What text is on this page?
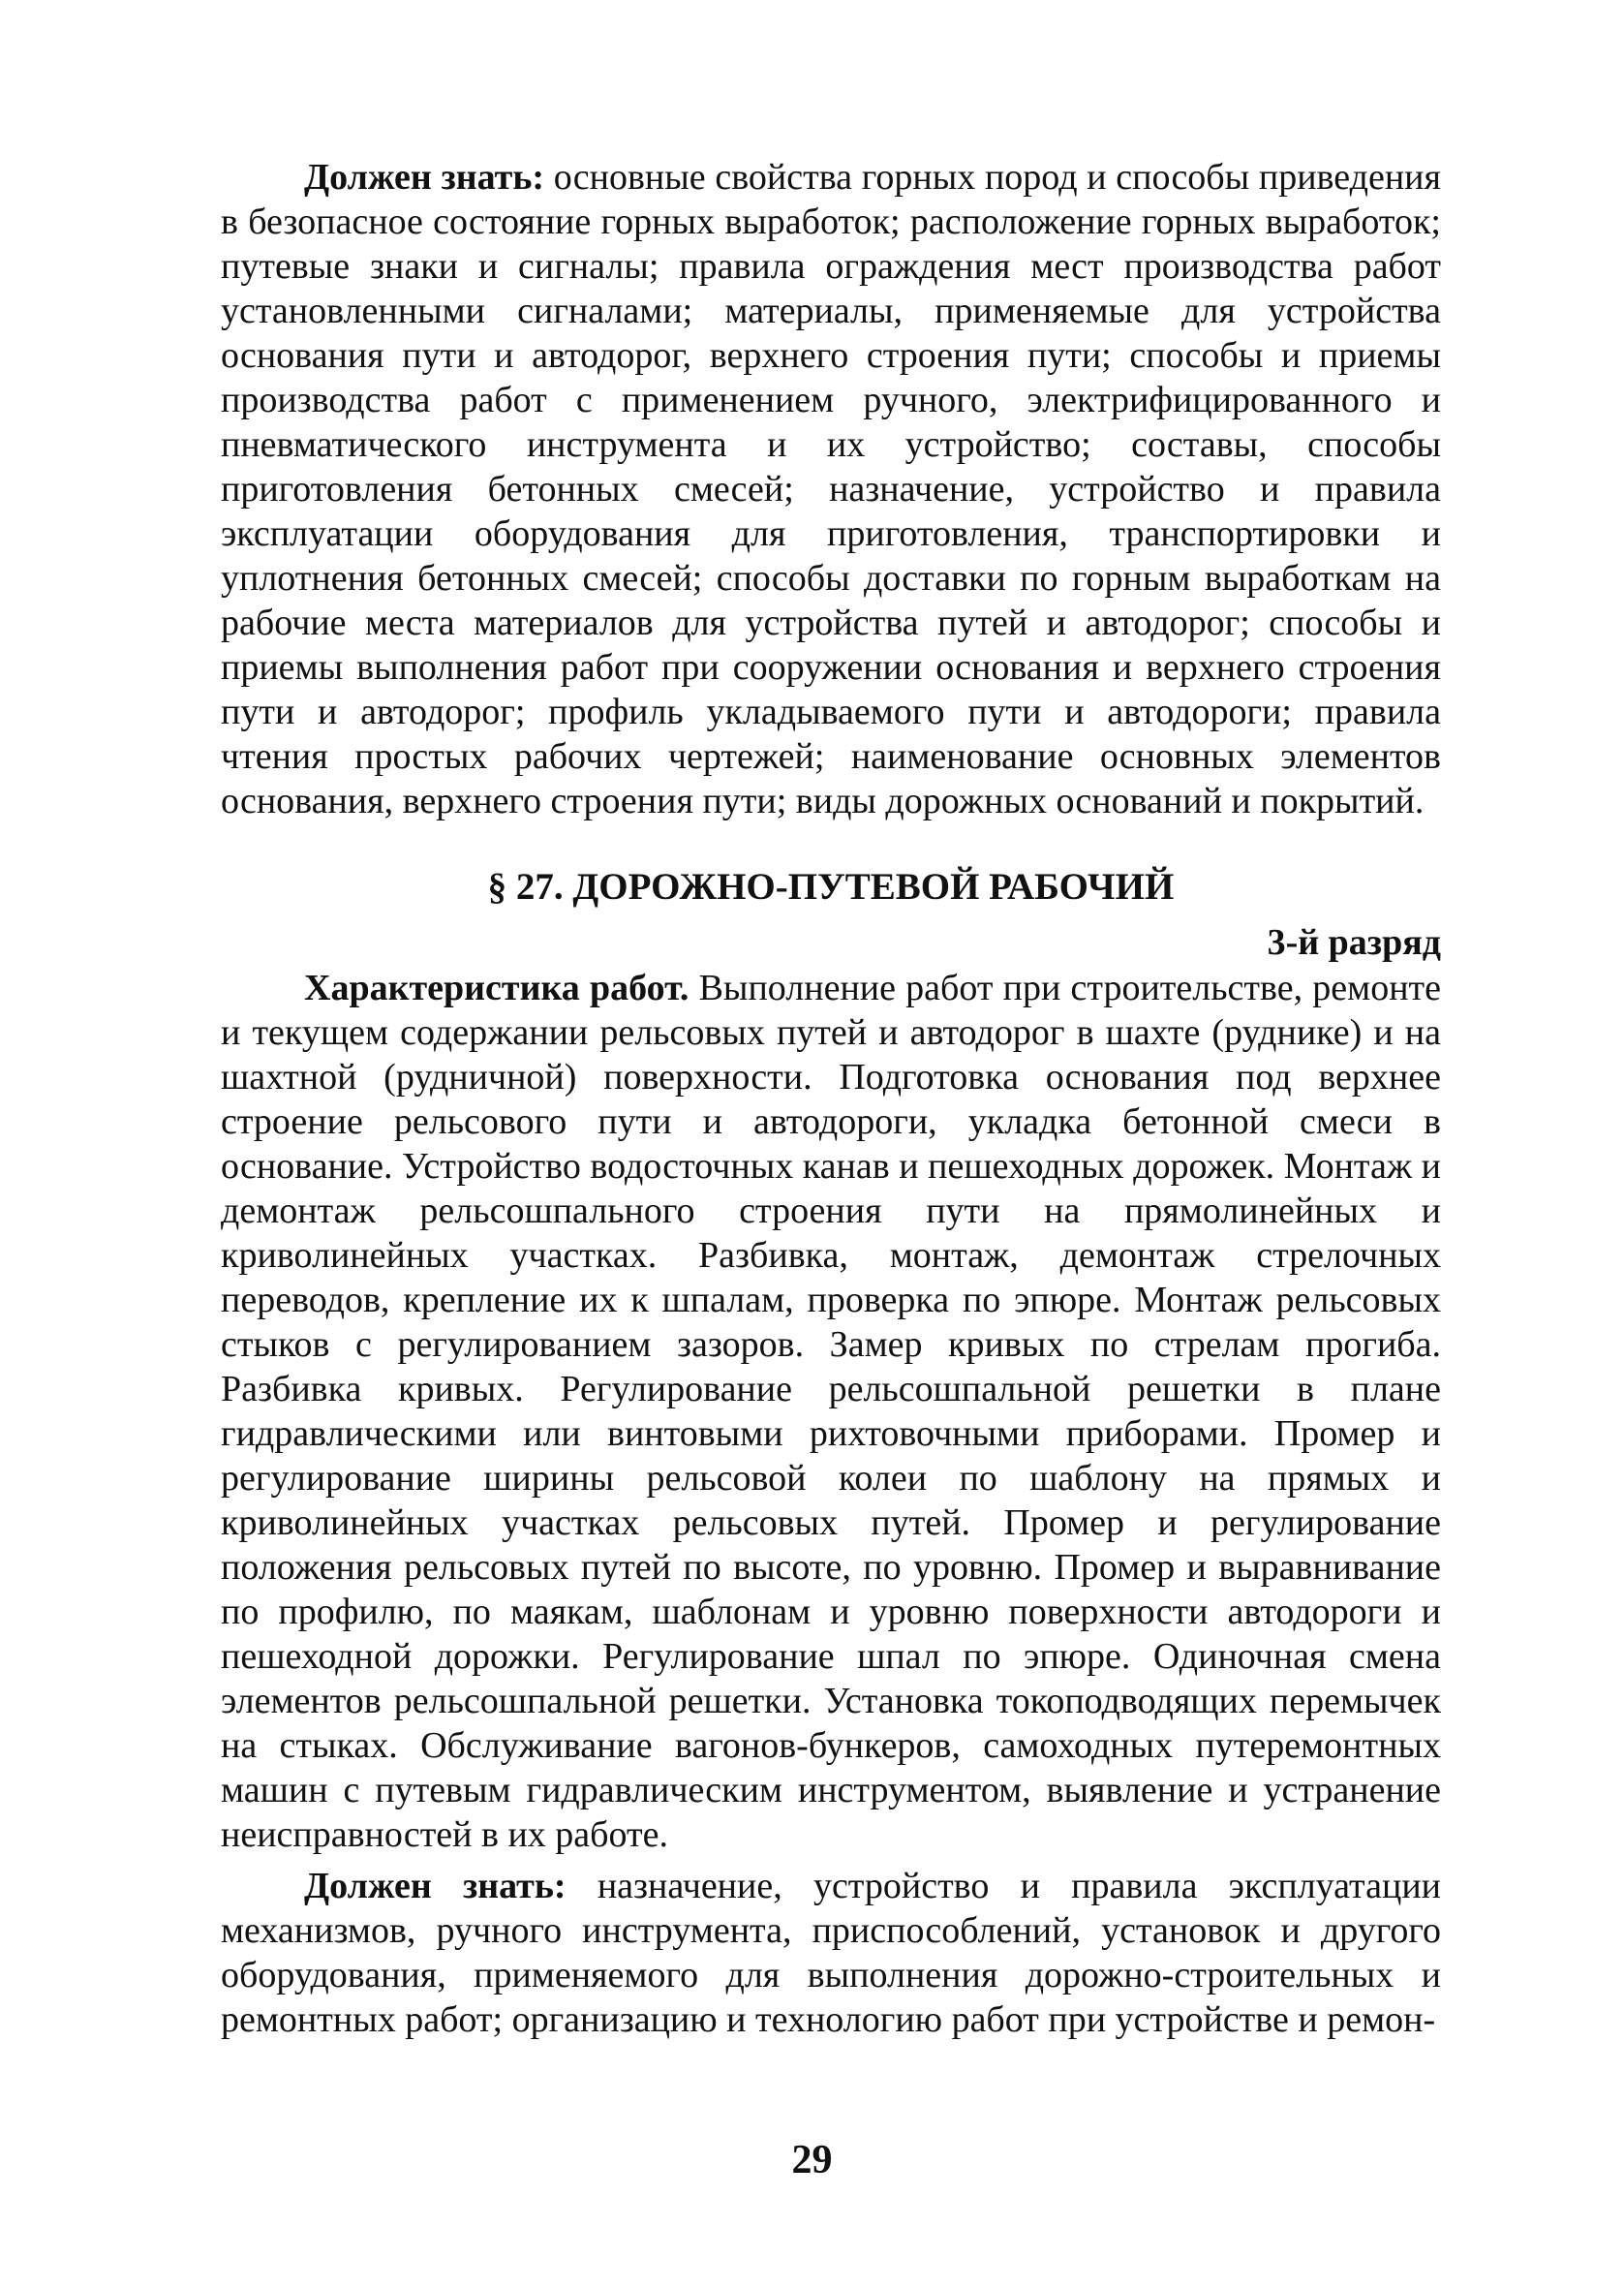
Должен знать: основные свойства горных пород и способы приведения в безопасное состояние горных выработок; расположение горных выработок; путевые знаки и сигналы; правила ограждения мест производства работ установленными сигналами; материалы, применяемые для устройства основания пути и автодорог, верхнего строения пути; способы и приемы производства работ с применением ручного, электрифицированного и пневматического инструмента и их устройство; составы, способы приготовления бетонных смесей; назначение, устройство и правила эксплуатации оборудования для приготовления, транспортировки и уплотнения бетонных смесей; способы доставки по горным выработкам на рабочие места материалов для устройства путей и автодорог; способы и приемы выполнения работ при сооружении основания и верхнего строения пути и автодорог; профиль укладываемого пути и автодороги; правила чтения простых рабочих чертежей; наименование основных элементов основания, верхнего строения пути; виды дорожных оснований и покрытий.

§ 27. ДОРОЖНО-ПУТЕВОЙ РАБОЧИЙ
3-й разряд

Характеристика работ. Выполнение работ при строительстве, ремонте и текущем содержании рельсовых путей и автодорог в шахте (руднике) и на шахтной (рудничной) поверхности. Подготовка основания под верхнее строение рельсового пути и автодороги, укладка бетонной смеси в основание. Устройство водосточных канав и пешеходных дорожек. Монтаж и демонтаж рельсошпального строения пути на прямолинейных и криволинейных участках. Разбивка, монтаж, демонтаж стрелочных переводов, крепление их к шпалам, проверка по эпюре. Монтаж рельсовых стыков с регулированием зазоров. Замер кривых по стрелам прогиба. Разбивка кривых. Регулирование рельсошпальной решетки в плане гидравлическими или винтовыми рихтовочными приборами. Промер и регулирование ширины рельсовой колеи по шаблону на прямых и криволинейных участках рельсовых путей. Промер и регулирование положения рельсовых путей по высоте, по уровню. Промер и выравнивание по профилю, по маякам, шаблонам и уровню поверхности автодороги и пешеходной дорожки. Регулирование шпал по эпюре. Одиночная смена элементов рельсошпальной решетки. Установка токоподводящих перемычек на стыках. Обслуживание вагонов-бункеров, самоходных путеремонтных машин с путевым гидравлическим инструментом, выявление и устранение неисправностей в их работе.

Должен знать: назначение, устройство и правила эксплуатации механизмов, ручного инструмента, приспособлений, установок и другого оборудования, применяемого для выполнения дорожно-строительных и ремонтных работ; организацию и технологию работ при устройстве и ремон-

29
